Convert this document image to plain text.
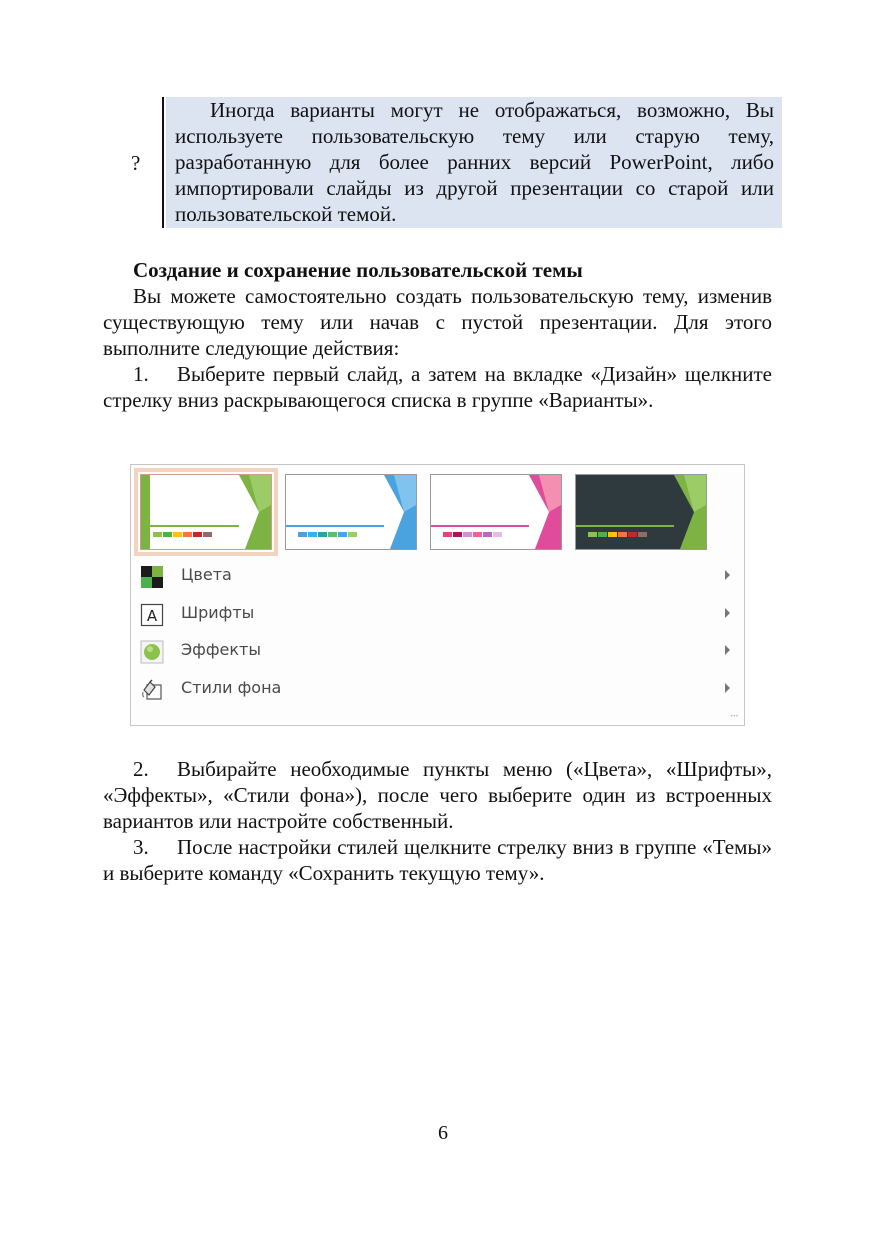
?

Иногда варианты могут не отображаться, возможно, Вы используете пользовательскую тему или старую тему, разработанную для более ранних версий PowerPoint, либо импортировали слайды из другой презентации со старой или пользовательской темой.

Создание и сохранение пользовательской темы

Вы можете самостоятельно создать пользовательскую тему, изменив существующую тему или начав с пустой презентации. Для этого выполните следующие действия:

1. Выберите первый слайд, а затем на вкладке «Дизайн» щелкните стрелку вниз раскрывающегося списка в группе «Варианты».

Цвета
A Шрифты
Эффекты
Стили фона
⠠⠤

2. Выбирайте необходимые пункты меню («Цвета», «Шрифты», «Эффекты», «Стили фона»), после чего выберите один из встроенных вариантов или настройте собственный.

3. После настройки стилей щелкните стрелку вниз в группе «Темы» и выберите команду «Сохранить текущую тему».

6
